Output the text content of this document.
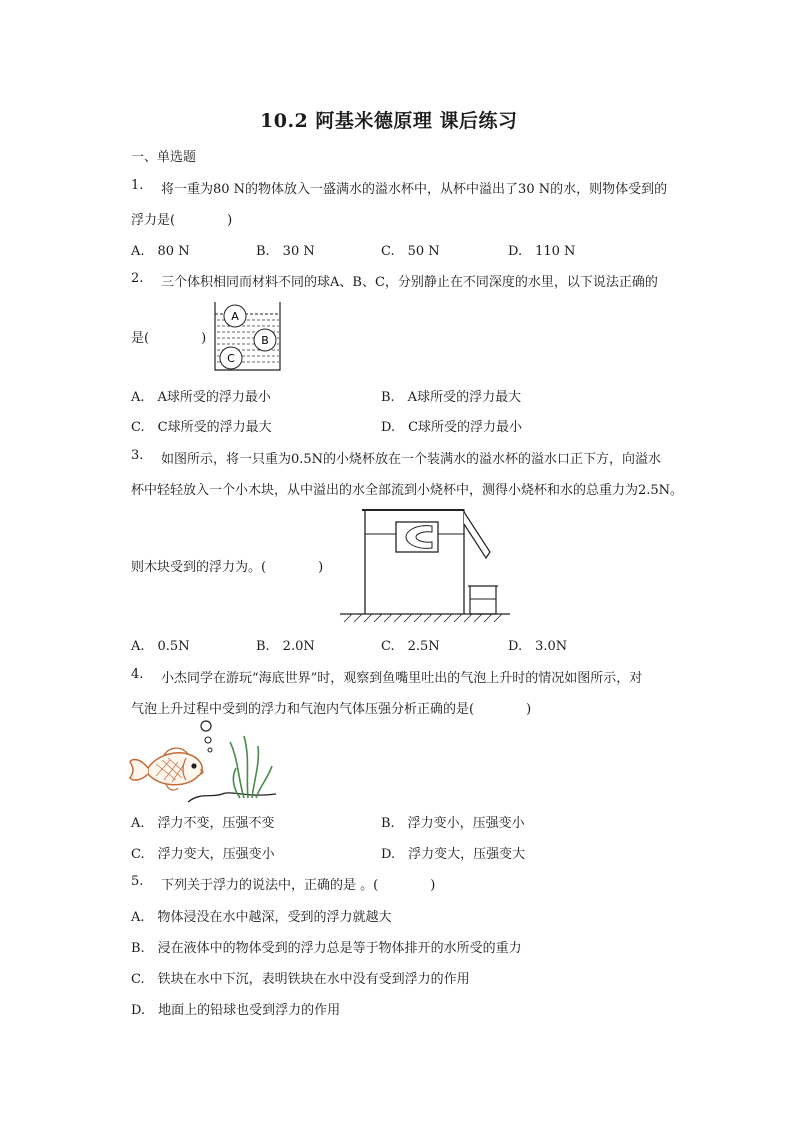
10.2 阿基米德原理 课后练习
一、单选题
1. 将一重为80 N的物体放入一盛满水的溢水杯中，从杯中溢出了30 N的水，则物体受到的
浮力是(　　　　)
A.　80 N	B.　30 N	C.　50 N	D.　110 N
2. 三个体积相同而材料不同的球A、B、C，分别静止在不同深度的水里，以下说法正确的
是(　　　　)
A
B
C
A.　A球所受的浮力最小	B.　A球所受的浮力最大
C.　C球所受的浮力最大	D.　C球所受的浮力最小
3. 如图所示，将一只重为0.5N的小烧杯放在一个装满水的溢水杯的溢水口正下方，向溢水
杯中轻轻放入一个小木块，从中溢出的水全部流到小烧杯中，测得小烧杯和水的总重力为2.5N。
则木块受到的浮力为。(　　　　)
A.　0.5N	B.　2.0N	C.　2.5N	D.　3.0N
4. 小杰同学在游玩“海底世界”时，观察到鱼嘴里吐出的气泡上升时的情况如图所示，对
气泡上升过程中受到的浮力和气泡内气体压强分析正确的是(　　　　)
A.　浮力不变，压强不变	B.　浮力变小，压强变小
C.　浮力变大，压强变小	D.　浮力变大，压强变大
5. 下列关于浮力的说法中，正确的是 。(　　　　)
A.　物体浸没在水中越深，受到的浮力就越大
B.　浸在液体中的物体受到的浮力总是等于物体排开的水所受的重力
C.　铁块在水中下沉，表明铁块在水中没有受到浮力的作用
D.　地面上的铅球也受到浮力的作用
